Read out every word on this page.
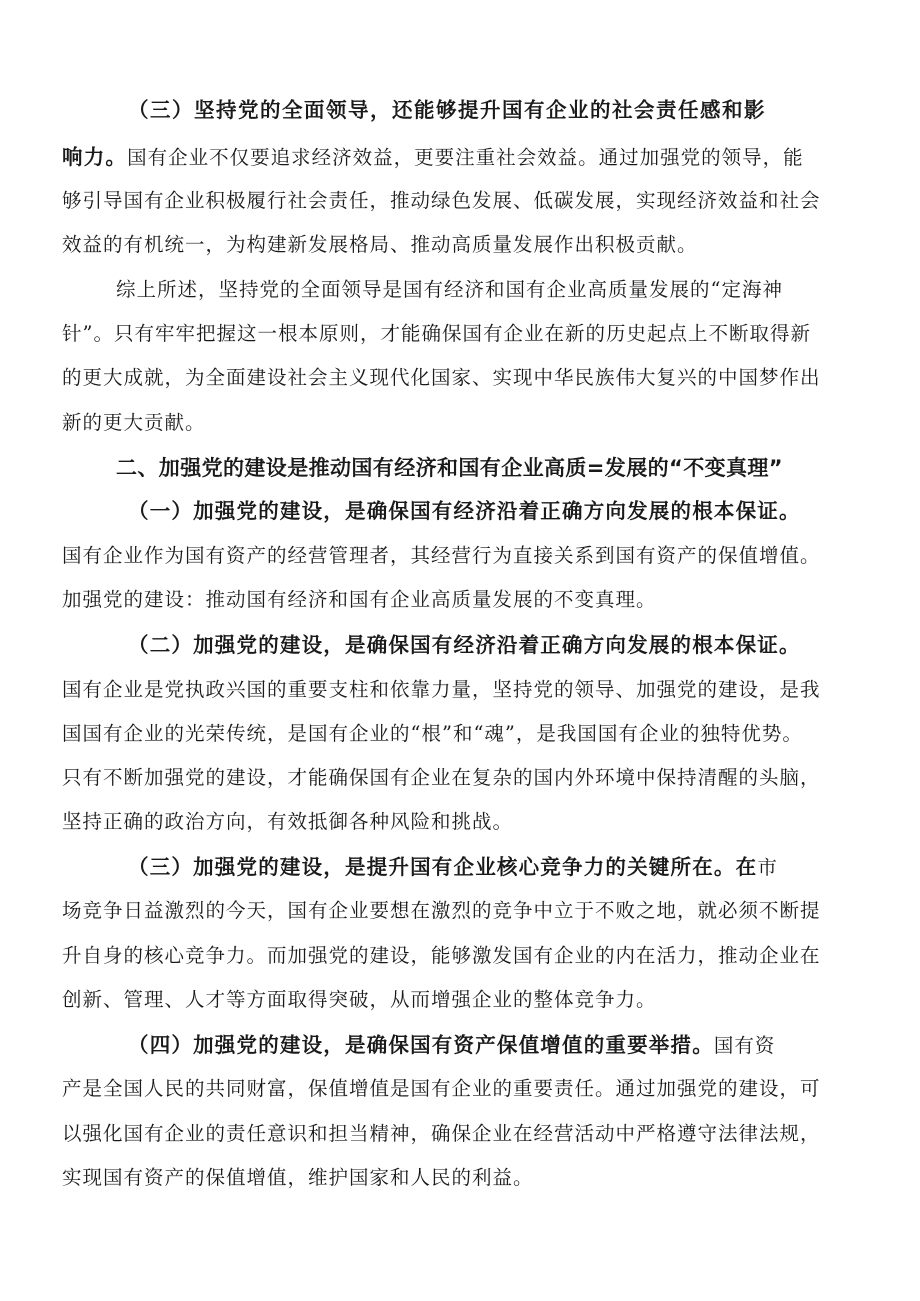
（三）坚持党的全面领导，还能够提升国有企业的社会责任感和影
响力。国有企业不仅要追求经济效益，更要注重社会效益。通过加强党的领导，能
够引导国有企业积极履行社会责任，推动绿色发展、低碳发展，实现经济效益和社会
效益的有机统一，为构建新发展格局、推动高质量发展作出积极贡献。
综上所述，坚持党的全面领导是国有经济和国有企业高质量发展的“定海神
针”。只有牢牢把握这一根本原则，才能确保国有企业在新的历史起点上不断取得新
的更大成就，为全面建设社会主义现代化国家、实现中华民族伟大复兴的中国梦作出
新的更大贡献。
二、加强党的建设是推动国有经济和国有企业高质=发展的“不变真理”
（一）加强党的建设，是确保国有经济沿着正确方向发展的根本保证。
国有企业作为国有资产的经营管理者，其经营行为直接关系到国有资产的保值增值。
加强党的建设：推动国有经济和国有企业高质量发展的不变真理。
（二）加强党的建设，是确保国有经济沿着正确方向发展的根本保证。
国有企业是党执政兴国的重要支柱和依靠力量，坚持党的领导、加强党的建设，是我
国国有企业的光荣传统，是国有企业的“根”和“魂”，是我国国有企业的独特优势。
只有不断加强党的建设，才能确保国有企业在复杂的国内外环境中保持清醒的头脑，
坚持正确的政治方向，有效抵御各种风险和挑战。
（三）加强党的建设，是提升国有企业核心竞争力的关键所在。在市
场竞争日益激烈的今天，国有企业要想在激烈的竞争中立于不败之地，就必须不断提
升自身的核心竞争力。而加强党的建设，能够激发国有企业的内在活力，推动企业在
创新、管理、人才等方面取得突破，从而增强企业的整体竞争力。
（四）加强党的建设，是确保国有资产保值增值的重要举措。国有资
产是全国人民的共同财富，保值增值是国有企业的重要责任。通过加强党的建设，可
以强化国有企业的责任意识和担当精神，确保企业在经营活动中严格遵守法律法规，
实现国有资产的保值增值，维护国家和人民的利益。
